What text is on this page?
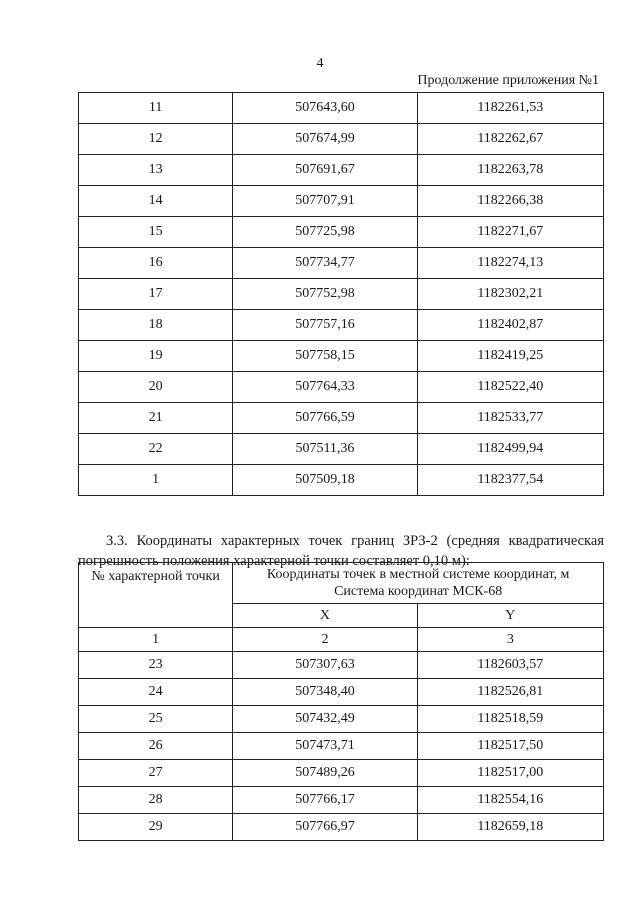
4
Продолжение приложения №1
11	507643,60	1182261,53
12	507674,99	1182262,67
13	507691,67	1182263,78
14	507707,91	1182266,38
15	507725,98	1182271,67
16	507734,77	1182274,13
17	507752,98	1182302,21
18	507757,16	1182402,87
19	507758,15	1182419,25
20	507764,33	1182522,40
21	507766,59	1182533,77
22	507511,36	1182499,94
1	507509,18	1182377,54

3.3. Координаты характерных точек границ ЗРЗ-2 (средняя квадратическая погрешность положения характерной точки составляет 0,10 м):

№ характерной точки	Координаты точек в местной системе координат, м
Система координат МСК-68	
	X	Y
1	2	3
23	507307,63	1182603,57
24	507348,40	1182526,81
25	507432,49	1182518,59
26	507473,71	1182517,50
27	507489,26	1182517,00
28	507766,17	1182554,16
29	507766,97	1182659,18
